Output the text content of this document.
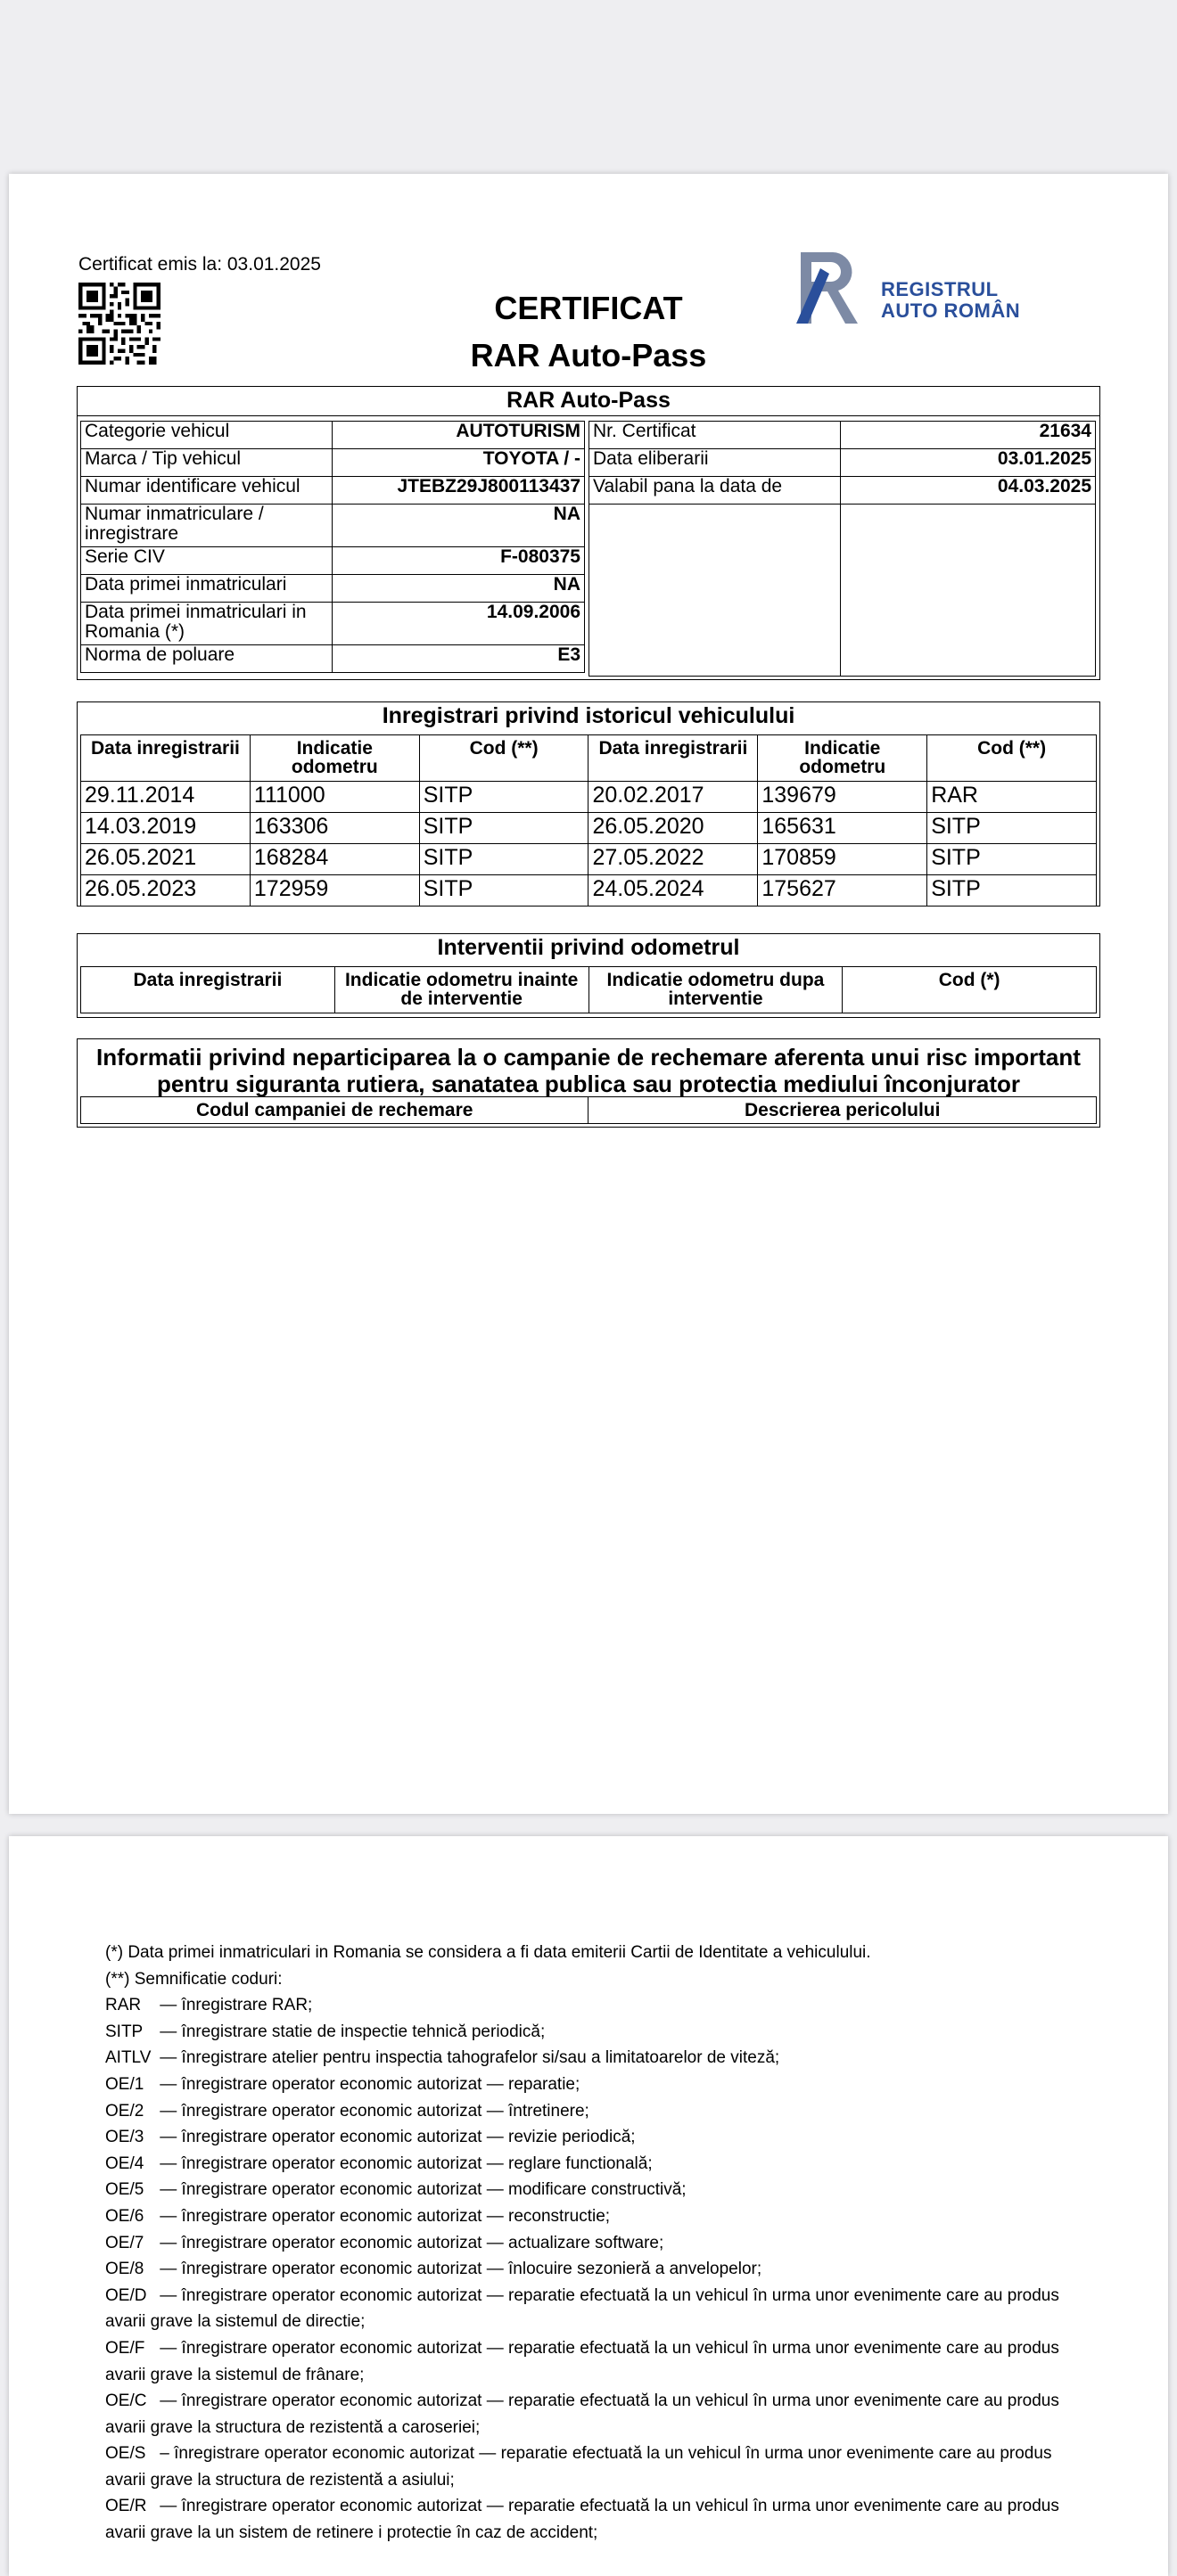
Certificat emis la: 03.01.2025
CERTIFICAT
RAR Auto-Pass
REGISTRUL
AUTO ROMÂN
RAR Auto-Pass
Categorie vehicul	AUTOTURISM
Marca / Tip vehicul	TOYOTA / -
Numar identificare vehicul	JTEBZ29J800113437
Numar inmatriculare / inregistrare	NA
Serie CIV	F-080375
Data primei inmatriculari	NA
Data primei inmatriculari in Romania (*)	14.09.2006
Norma de poluare	E3
Nr. Certificat	21634
Data eliberarii	03.01.2025
Valabil pana la data de	04.03.2025

Inregistrari privind istoricul vehiculului
Data inregistrarii	Indicatie odometru	Cod (**)	Data inregistrarii	Indicatie odometru	Cod (**)
29.11.2014	111000	SITP	20.02.2017	139679	RAR
14.03.2019	163306	SITP	26.05.2020	165631	SITP
26.05.2021	168284	SITP	27.05.2022	170859	SITP
26.05.2023	172959	SITP	24.05.2024	175627	SITP
Interventii privind odometrul
Data inregistrarii	Indicatie odometru inainte de interventie	Indicatie odometru dupa interventie	Cod (*)
Informatii privind neparticiparea la o campanie de rechemare aferenta unui risc important pentru siguranta rutiera, sanatatea publica sau protectia mediului înconjurator
Codul campaniei de rechemare	Descrierea pericolului

(*) Data primei inmatriculari in Romania se considera a fi data emiterii Cartii de Identitate a vehiculului.

(**) Semnificatie coduri:

RAR — înregistrare RAR;

SITP — înregistrare statie de inspectie tehnică periodică;

AITLV — înregistrare atelier pentru inspectia tahografelor si/sau a limitatoarelor de viteză;

OE/1 — înregistrare operator economic autorizat — reparatie;

OE/2 — înregistrare operator economic autorizat — întretinere;

OE/3 — înregistrare operator economic autorizat — revizie periodică;

OE/4 — înregistrare operator economic autorizat — reglare functională;

OE/5 — înregistrare operator economic autorizat — modificare constructivă;

OE/6 — înregistrare operator economic autorizat — reconstructie;

OE/7 — înregistrare operator economic autorizat — actualizare software;

OE/8 — înregistrare operator economic autorizat — înlocuire sezonieră a anvelopelor;

OE/D — înregistrare operator economic autorizat — reparatie efectuată la un vehicul în urma unor evenimente care au produs avarii grave la sistemul de directie;

OE/F — înregistrare operator economic autorizat — reparatie efectuată la un vehicul în urma unor evenimente care au produs avarii grave la sistemul de frânare;

OE/C — înregistrare operator economic autorizat — reparatie efectuată la un vehicul în urma unor evenimente care au produs avarii grave la structura de rezistentă a caroseriei;

OE/S – înregistrare operator economic autorizat — reparatie efectuată la un vehicul în urma unor evenimente care au produs avarii grave la structura de rezistentă a asiului;

OE/R — înregistrare operator economic autorizat — reparatie efectuată la un vehicul în urma unor evenimente care au produs avarii grave la un sistem de retinere i protectie în caz de accident;
